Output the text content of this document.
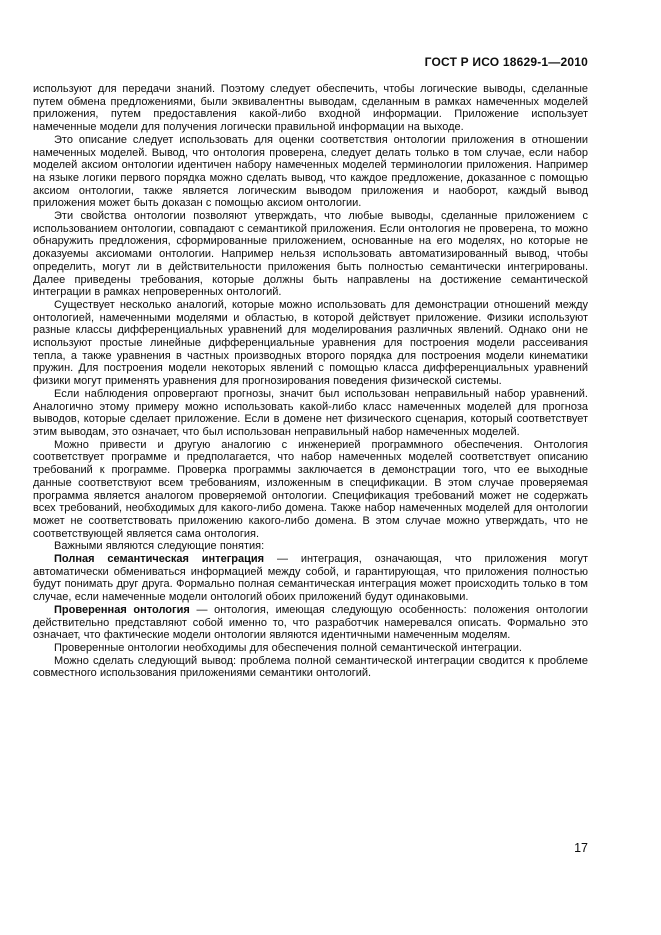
ГОСТ Р ИСО 18629-1—2010

используют для передачи знаний. Поэтому следует обеспечить, чтобы логические выводы, сделанные путем обмена предложениями, были эквивалентны выводам, сделанным в рамках намеченных моделей приложения, путем предоставления какой-либо входной информации. Приложение использует намеченные модели для получения логически правильной информации на выходе.

Это описание следует использовать для оценки соответствия онтологии приложения в отношении намеченных моделей. Вывод, что онтология проверена, следует делать только в том случае, если набор моделей аксиом онтологии идентичен набору намеченных моделей терминологии приложения. Например на языке логики первого порядка можно сделать вывод, что каждое предложение, доказанное с помощью аксиом онтологии, также является логическим выводом приложения и наоборот, каждый вывод приложения может быть доказан с помощью аксиом онтологии.

Эти свойства онтологии позволяют утверждать, что любые выводы, сделанные приложением с использованием онтологии, совпадают с семантикой приложения. Если онтология не проверена, то можно обнаружить предложения, сформированные приложением, основанные на его моделях, но которые не доказуемы аксиомами онтологии. Например нельзя использовать автоматизированный вывод, чтобы определить, могут ли в действительности приложения быть полностью семантически интегрированы. Далее приведены требования, которые должны быть направлены на достижение семантической интеграции в рамках непроверенных онтологий.

Существует несколько аналогий, которые можно использовать для демонстрации отношений между онтологией, намеченными моделями и областью, в которой действует приложение. Физики используют разные классы дифференциальных уравнений для моделирования различных явлений. Однако они не используют простые линейные дифференциальные уравнения для построения модели рассеивания тепла, а также уравнения в частных производных второго порядка для построения модели кинематики пружин. Для построения модели некоторых явлений с помощью класса дифференциальных уравнений физики могут применять уравнения для прогнозирования поведения физической системы.

Если наблюдения опровергают прогнозы, значит был использован неправильный набор уравнений. Аналогично этому примеру можно использовать какой-либо класс намеченных моделей для прогноза выводов, которые сделает приложение. Если в домене нет физического сценария, который соответствует этим выводам, это означает, что был использован неправильный набор намеченных моделей.

Можно привести и другую аналогию с инженерией программного обеспечения. Онтология соответствует программе и предполагается, что набор намеченных моделей соответствует описанию требований к программе. Проверка программы заключается в демонстрации того, что ее выходные данные соответствуют всем требованиям, изложенным в спецификации. В этом случае проверяемая программа является аналогом проверяемой онтологии. Спецификация требований может не содержать всех требований, необходимых для какого-либо домена. Также набор намеченных моделей для онтологии может не соответствовать приложению какого-либо домена. В этом случае можно утверждать, что не соответствующей является сама онтология.

Важными являются следующие понятия:

Полная семантическая интеграция — интеграция, означающая, что приложения могут автоматически обмениваться информацией между собой, и гарантирующая, что приложения полностью будут понимать друг друга. Формально полная семантическая интеграция может происходить только в том случае, если намеченные модели онтологий обоих приложений будут одинаковыми.

Проверенная онтология — онтология, имеющая следующую особенность: положения онтологии действительно представляют собой именно то, что разработчик намеревался описать. Формально это означает, что фактические модели онтологии являются идентичными намеченным моделям.

Проверенные онтологии необходимы для обеспечения полной семантической интеграции.

Можно сделать следующий вывод: проблема полной семантической интеграции сводится к проблеме совместного использования приложениями семантики онтологий.

17
